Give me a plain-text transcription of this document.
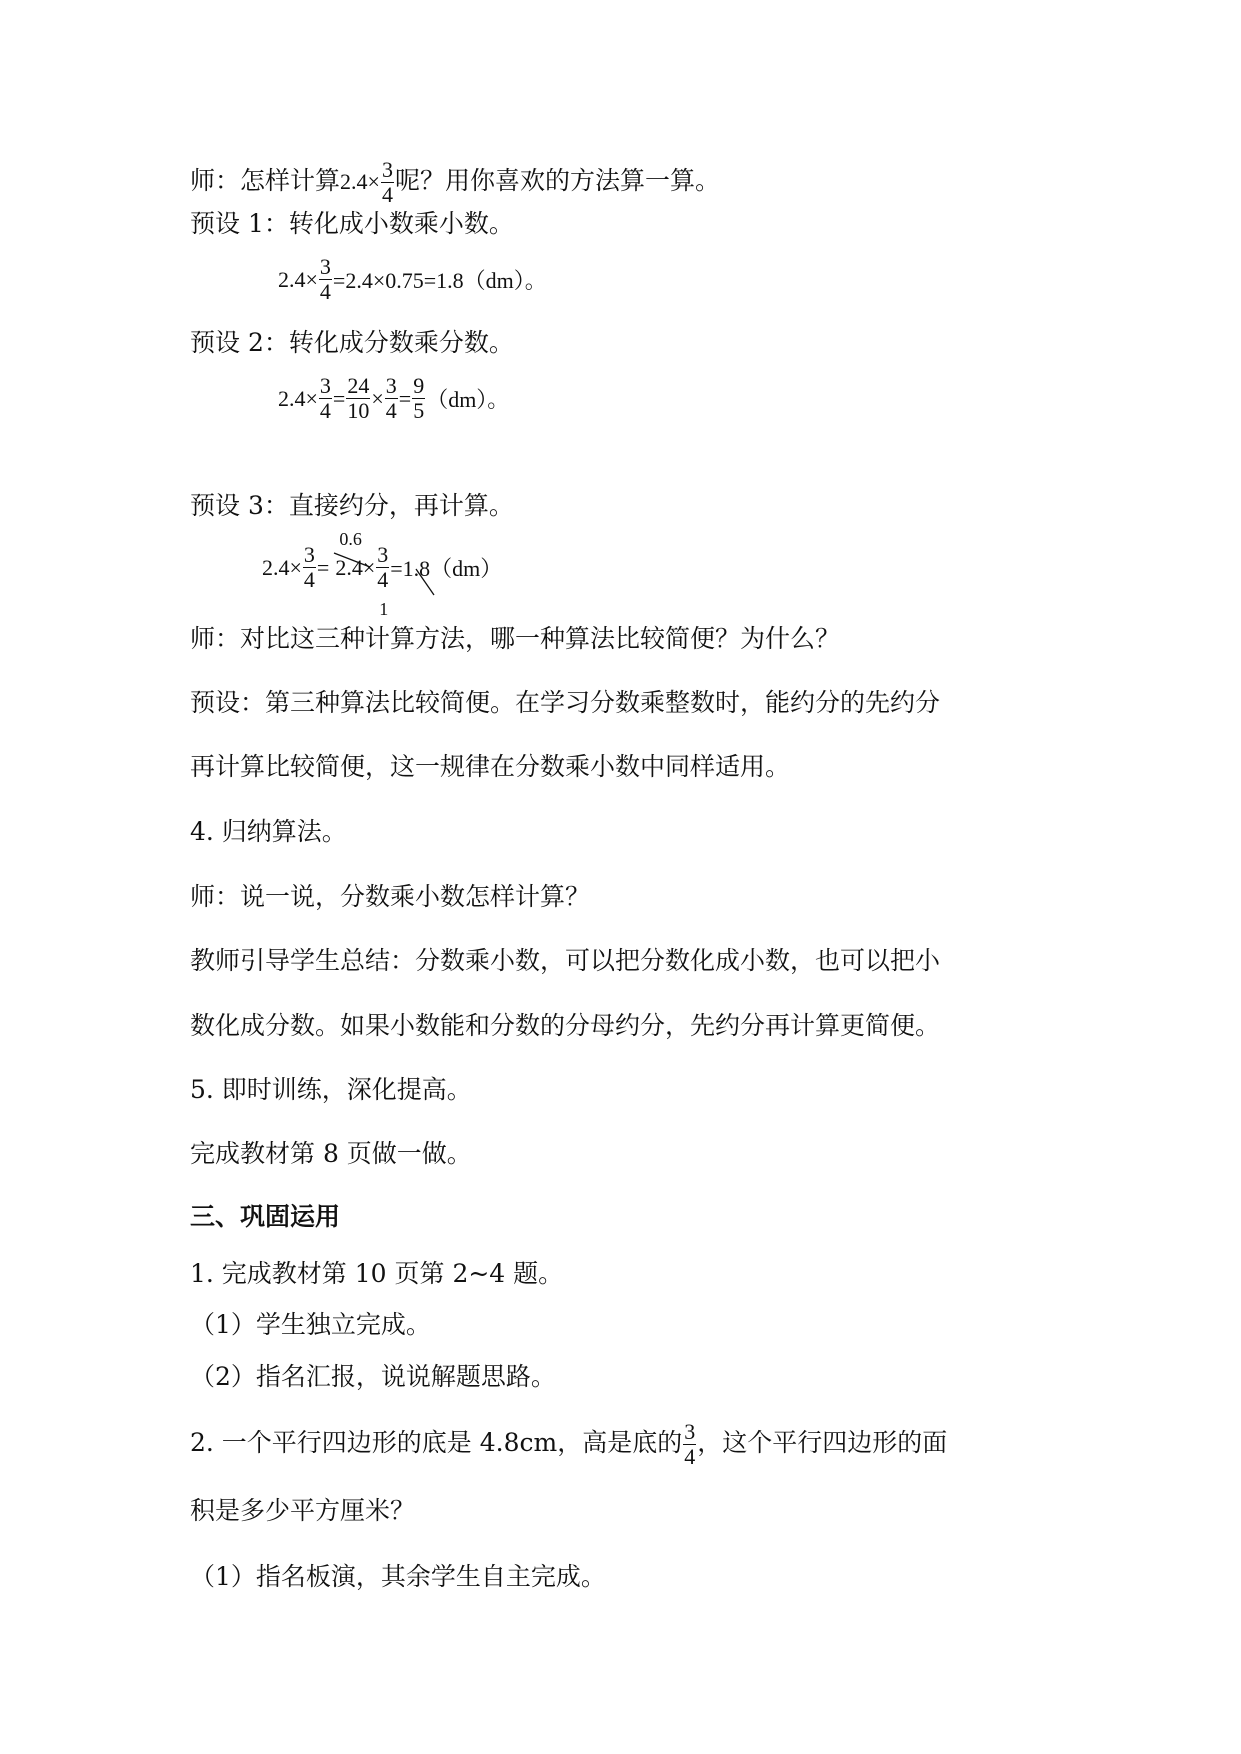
师：怎样计算$2.4\times \frac{3}{4}$ 呢？用你喜欢的方法算一算。
预设 1：转化成小数乘小数。
$2.4\times \frac{3}{4} =2.4\times 0.75=1.8(dm)$。
预设 2：转化成分数乘分数。
$2.4\times \frac{3}{4} = \frac{24}{10} \times \frac{3}{4} = \frac{9}{5} (dm)$。
预设 3：直接约分，再计算。
$2.4\times \frac{3}{4}$ =
0.6
$2.4\times \frac{3}{4}$
1
=1.8（dm）
师：对比这三种计算方法，哪一种算法比较简便？为什么？
预设：第三种算法比较简便。在学习分数乘整数时，能约分的先约分
再计算比较简便，这一规律在分数乘小数中同样适用。
4. 归纳算法。
师：说一说，分数乘小数怎样计算？
教师引导学生总结：分数乘小数，可以把分数化成小数，也可以把小
数化成分数。如果小数能和分数的分母约分，先约分再计算更简便。
5. 即时训练，深化提高。
完成教材第 8 页做一做。
三、巩固运用
1. 完成教材第 10 页第 2~4 题。
（1）学生独立完成。
（2）指名汇报，说说解题思路。
2. 一个平行四边形的底是 4.8cm，高是底的 $\frac{3}{4}$ ，这个平行四边形的面
积是多少平方厘米？
（1）指名板演，其余学生自主完成。
